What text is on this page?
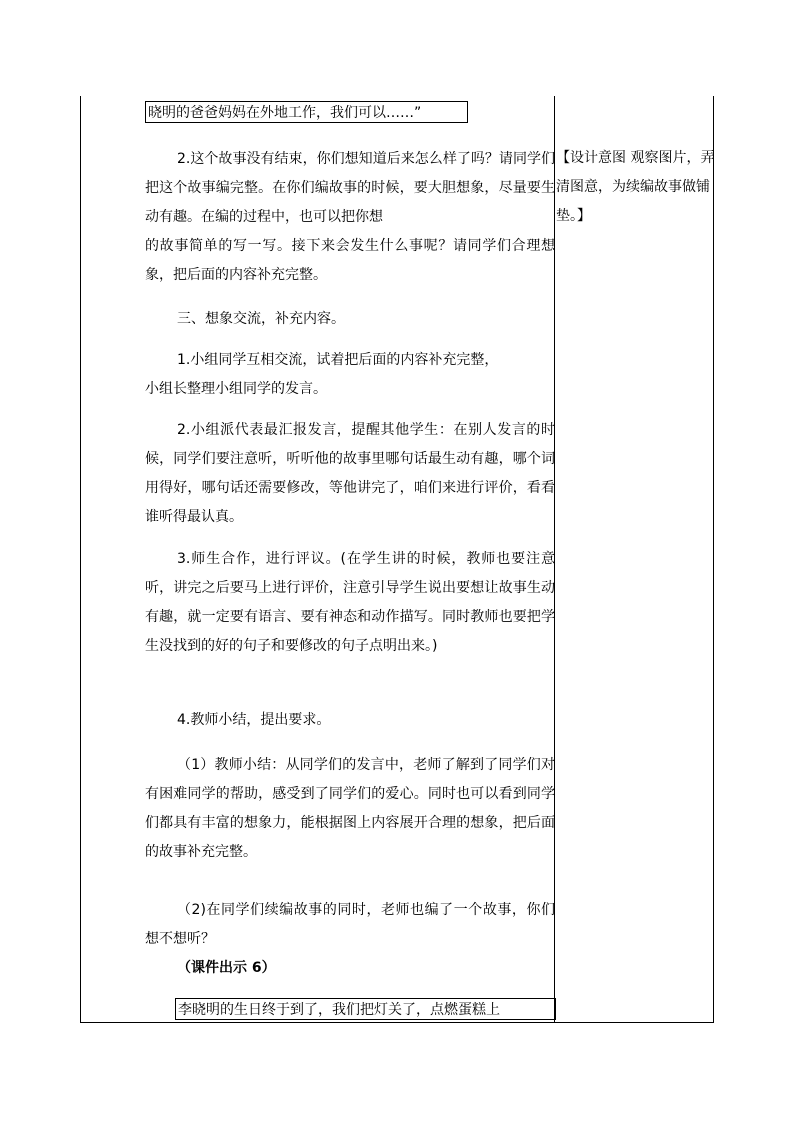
晓明的爸爸妈妈在外地工作，我们可以……”

2.这个故事没有结束，你们想知道后来怎么样了吗？请同学们把这个故事编完整。在你们编故事的时候，要大胆想象，尽量要生动有趣。在编的过程中，也可以把你想

的故事简单的写一写。接下来会发生什么事呢？请同学们合理想象，把后面的内容补充完整。

三、想象交流，补充内容。

1.小组同学互相交流，试着把后面的内容补充完整，

小组长整理小组同学的发言。

2.小组派代表最汇报发言，提醒其他学生：在别人发言的时候，同学们要注意听，听听他的故事里哪句话最生动有趣，哪个词用得好，哪句话还需要修改，等他讲完了，咱们来进行评价，看看谁听得最认真。

3.师生合作，进行评议。(在学生讲的时候，教师也要注意听，讲完之后要马上进行评价，注意引导学生说出要想让故事生动有趣，就一定要有语言、要有神态和动作描写。同时教师也要把学生没找到的好的句子和要修改的句子点明出来。)

4.教师小结，提出要求。

（1）教师小结：从同学们的发言中，老师了解到了同学们对有困难同学的帮助，感受到了同学们的爱心。同时也可以看到同学们都具有丰富的想象力，能根据图上内容展开合理的想象，把后面的故事补充完整。

（2)在同学们续编故事的同时，老师也编了一个故事，你们想不想听？

（课件出示 6）

李晓明的生日终于到了，我们把灯关了，点燃蛋糕上

【设计意图 观察图片，弄清图意，为续编故事做铺垫。】
